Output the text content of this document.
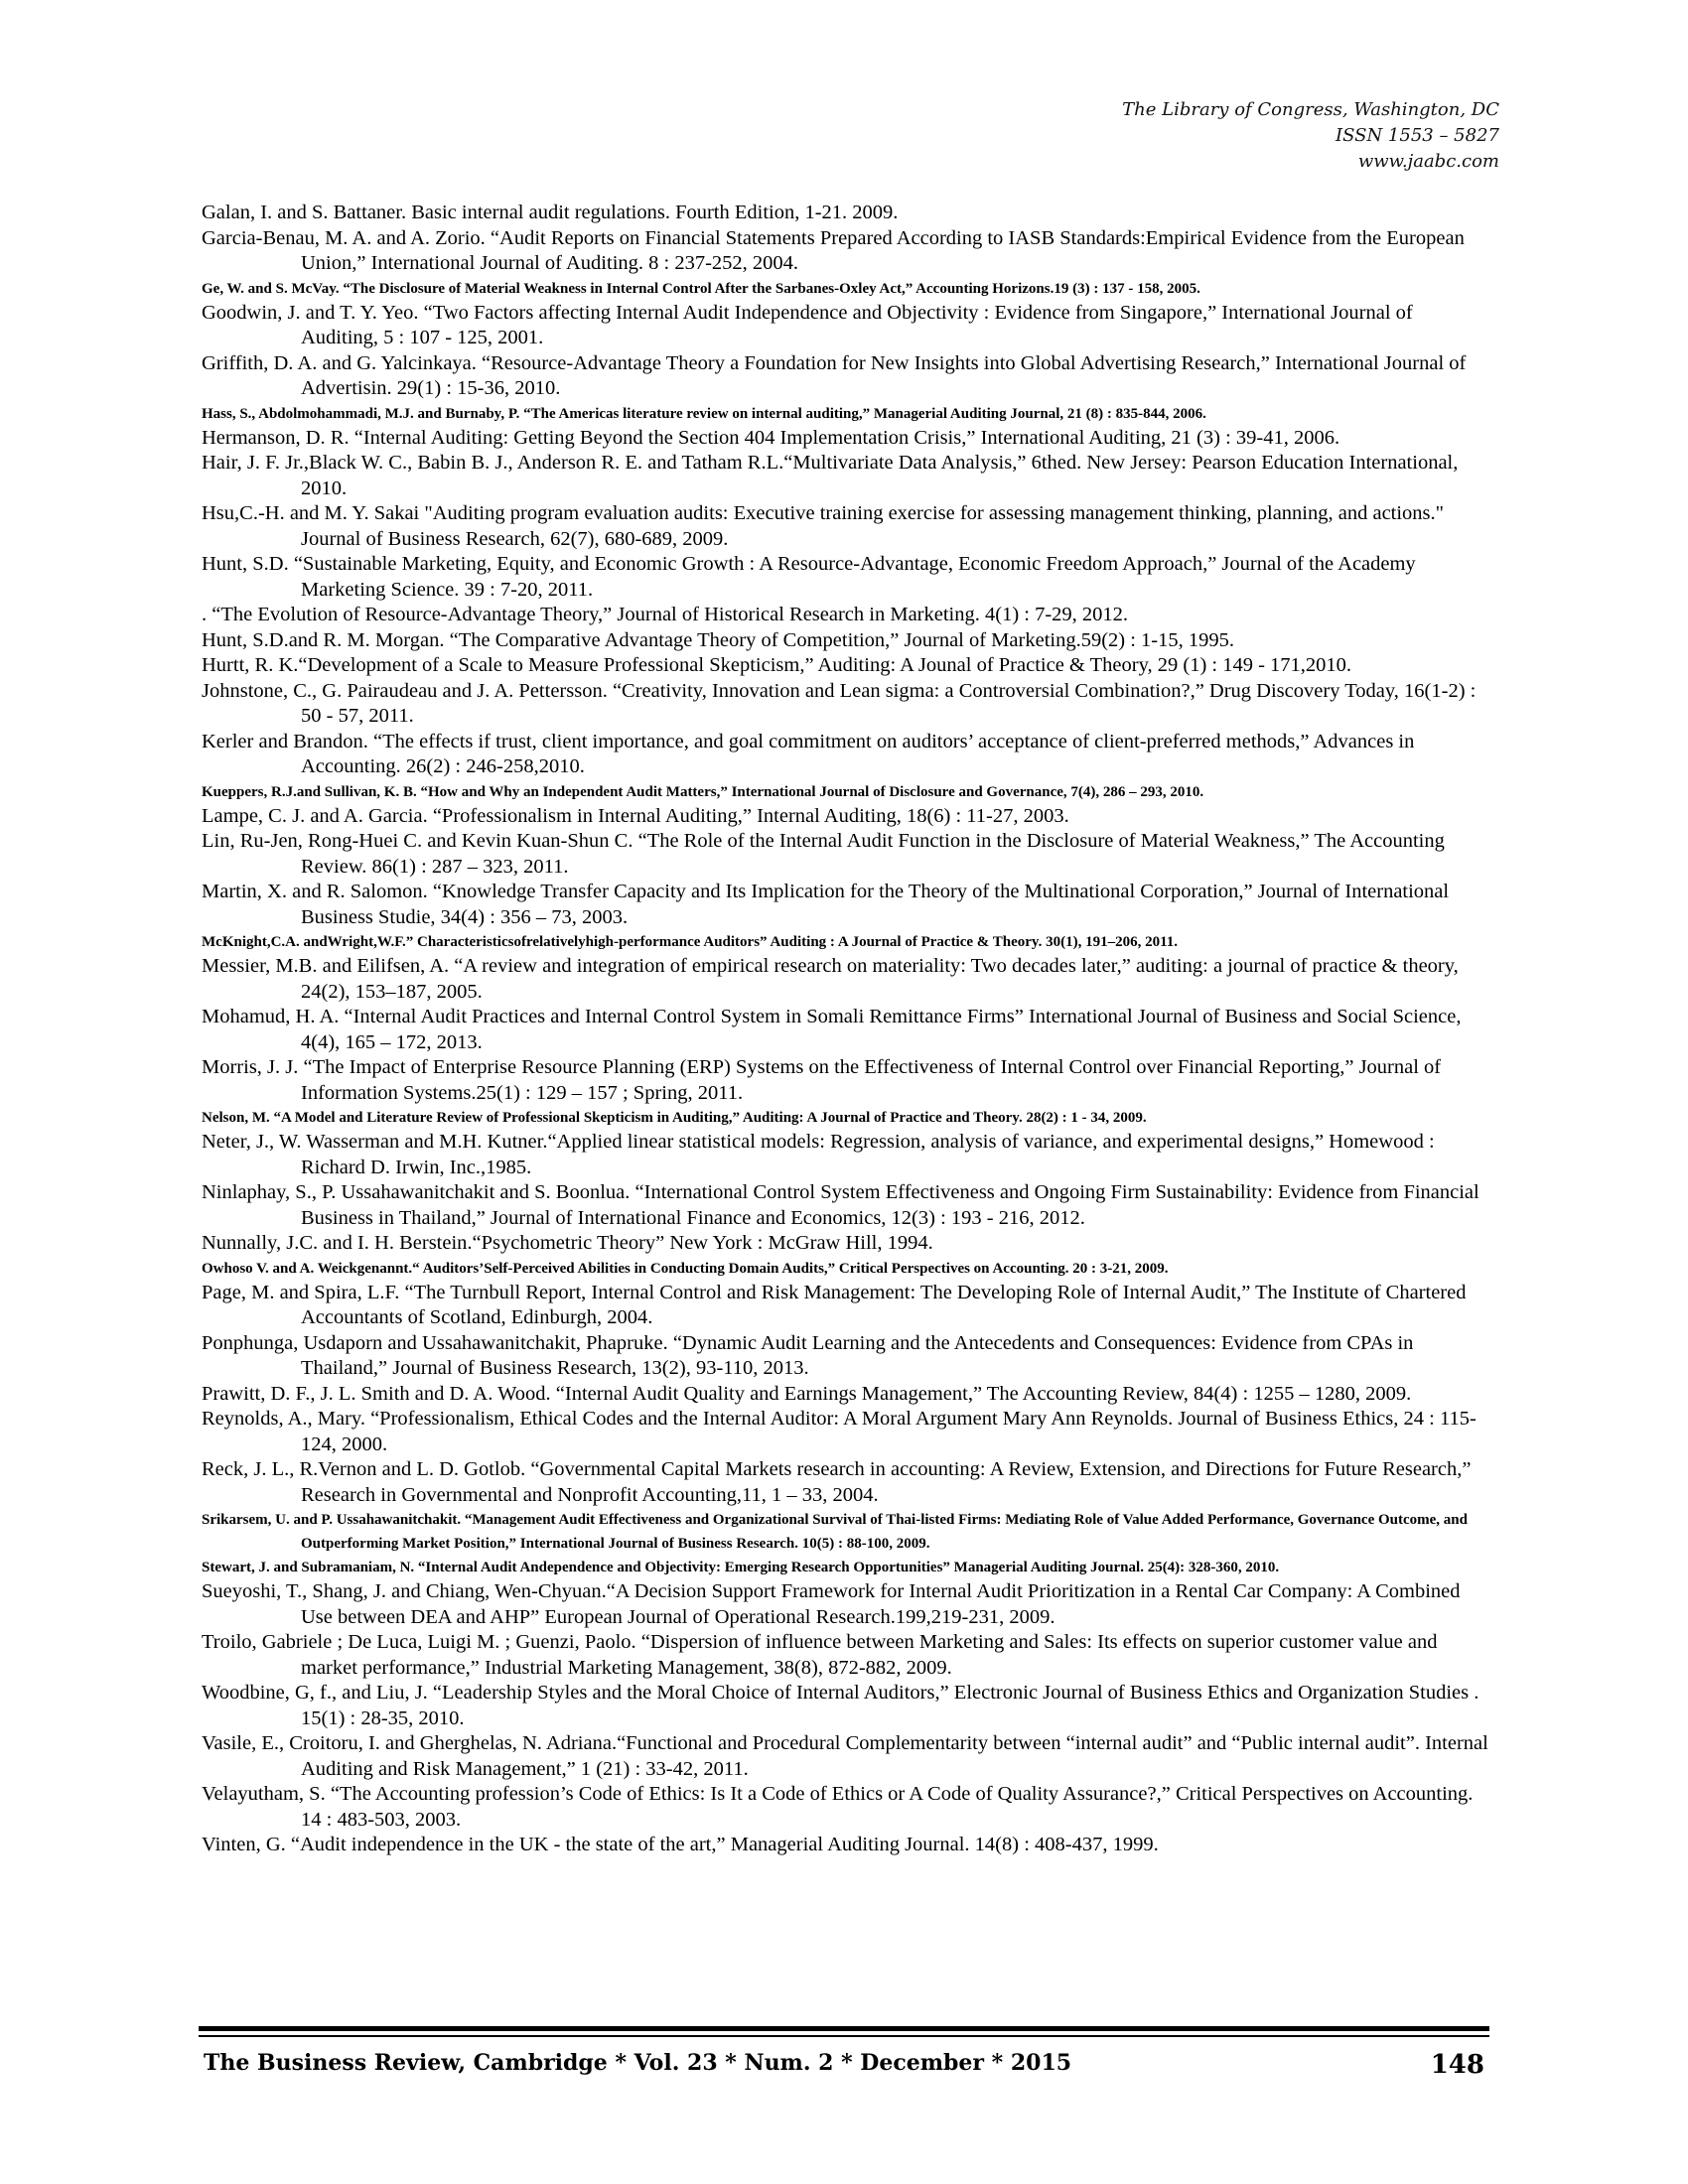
The Library of Congress, Washington, DC
ISSN 1553 – 5827
www.jaabc.com

Galan, I. and S. Battaner. Basic internal audit regulations. Fourth Edition, 1-21. 2009.

Garcia-Benau, M. A. and A. Zorio. “Audit Reports on Financial Statements Prepared According to IASB Standards:Empirical Evidence from the European Union,” International Journal of Auditing. 8 : 237-252, 2004.

Ge, W. and S. McVay. “The Disclosure of Material Weakness in Internal Control After the Sarbanes-Oxley Act,” Accounting Horizons.19 (3) : 137 - 158, 2005.

Goodwin, J. and T. Y. Yeo. “Two Factors affecting Internal Audit Independence and Objectivity : Evidence from Singapore,” International Journal of Auditing, 5 : 107 - 125, 2001.

Griffith, D. A. and G. Yalcinkaya. “Resource-Advantage Theory a Foundation for New Insights into Global Advertising Research,” International Journal of Advertisin. 29(1) : 15-36, 2010.

Hass, S., Abdolmohammadi, M.J. and Burnaby, P. “The Americas literature review on internal auditing,” Managerial Auditing Journal, 21 (8) : 835-844, 2006.

Hermanson, D. R. “Internal Auditing: Getting Beyond the Section 404 Implementation Crisis,” International Auditing, 21 (3) : 39-41, 2006.

Hair, J. F. Jr.,Black W. C., Babin B. J., Anderson R. E. and Tatham R.L.“Multivariate Data Analysis,” 6thed. New Jersey: Pearson Education International, 2010.

Hsu,C.-H. and M. Y. Sakai "Auditing program evaluation audits: Executive training exercise for assessing management thinking, planning, and actions." Journal of Business Research, 62(7), 680-689, 2009.

Hunt, S.D. “Sustainable Marketing, Equity, and Economic Growth : A Resource-Advantage, Economic Freedom Approach,” Journal of the Academy Marketing Science. 39 : 7-20, 2011.

. “The Evolution of Resource-Advantage Theory,” Journal of Historical Research in Marketing. 4(1) : 7-29, 2012.

Hunt, S.D.and R. M. Morgan. “The Comparative Advantage Theory of Competition,” Journal of Marketing.59(2) : 1-15, 1995.

Hurtt, R. K.“Development of a Scale to Measure Professional Skepticism,” Auditing: A Jounal of Practice & Theory, 29 (1) : 149 - 171,2010.

Johnstone, C., G. Pairaudeau and J. A. Pettersson. “Creativity, Innovation and Lean sigma: a Controversial Combination?,” Drug Discovery Today, 16(1-2) : 50 - 57, 2011.

Kerler and Brandon. “The effects if trust, client importance, and goal commitment on auditors’ acceptance of client-preferred methods,” Advances in Accounting. 26(2) : 246-258,2010.

Kueppers, R.J.and Sullivan, K. B. “How and Why an Independent Audit Matters,” International Journal of Disclosure and Governance, 7(4), 286 – 293, 2010.

Lampe, C. J. and A. Garcia. “Professionalism in Internal Auditing,” Internal Auditing, 18(6) : 11-27, 2003.

Lin, Ru-Jen, Rong-Huei C. and Kevin Kuan-Shun C. “The Role of the Internal Audit Function in the Disclosure of Material Weakness,” The Accounting Review. 86(1) : 287 – 323, 2011.

Martin, X. and R. Salomon. “Knowledge Transfer Capacity and Its Implication for the Theory of the Multinational Corporation,” Journal of International Business Studie, 34(4) : 356 – 73, 2003.

McKnight,C.A. andWright,W.F.” Characteristicsofrelativelyhigh-performance Auditors” Auditing : A Journal of Practice & Theory. 30(1), 191–206, 2011.

Messier, M.B. and Eilifsen, A. “A review and integration of empirical research on materiality: Two decades later,” auditing: a journal of practice & theory, 24(2), 153–187, 2005.

Mohamud, H. A. “Internal Audit Practices and Internal Control System in Somali Remittance Firms” International Journal of Business and Social Science, 4(4), 165 – 172, 2013.

Morris, J. J. “The Impact of Enterprise Resource Planning (ERP) Systems on the Effectiveness of Internal Control over Financial Reporting,” Journal of Information Systems.25(1) : 129 – 157 ; Spring, 2011.

Nelson, M. “A Model and Literature Review of Professional Skepticism in Auditing,” Auditing: A Journal of Practice and Theory. 28(2) : 1 - 34, 2009.

Neter, J., W. Wasserman and M.H. Kutner.“Applied linear statistical models: Regression, analysis of variance, and experimental designs,” Homewood : Richard D. Irwin, Inc.,1985.

Ninlaphay, S., P. Ussahawanitchakit and S. Boonlua. “International Control System Effectiveness and Ongoing Firm Sustainability: Evidence from Financial Business in Thailand,” Journal of International Finance and Economics, 12(3) : 193 - 216, 2012.

Nunnally, J.C. and I. H. Berstein.“Psychometric Theory” New York : McGraw Hill, 1994.

Owhoso V. and A. Weickgenannt.“ Auditors’Self-Perceived Abilities in Conducting Domain Audits,” Critical Perspectives on Accounting. 20 : 3-21, 2009.

Page, M. and Spira, L.F. “The Turnbull Report, Internal Control and Risk Management: The Developing Role of Internal Audit,” The Institute of Chartered Accountants of Scotland, Edinburgh, 2004.

Ponphunga, Usdaporn and Ussahawanitchakit, Phapruke. “Dynamic Audit Learning and the Antecedents and Consequences: Evidence from CPAs in Thailand,” Journal of Business Research, 13(2), 93-110, 2013.

Prawitt, D. F., J. L. Smith and D. A. Wood. “Internal Audit Quality and Earnings Management,” The Accounting Review, 84(4) : 1255 – 1280, 2009.

Reynolds, A., Mary. “Professionalism, Ethical Codes and the Internal Auditor: A Moral Argument Mary Ann Reynolds. Journal of Business Ethics, 24 : 115-124, 2000.

Reck, J. L., R.Vernon and L. D. Gotlob. “Governmental Capital Markets research in accounting: A Review, Extension, and Directions for Future Research,” Research in Governmental and Nonprofit Accounting,11, 1 – 33, 2004.

Srikarsem, U. and P. Ussahawanitchakit. “Management Audit Effectiveness and Organizational Survival of Thai-listed Firms: Mediating Role of Value Added Performance, Governance Outcome, and Outperforming Market Position,” International Journal of Business Research. 10(5) : 88-100, 2009.

Stewart, J. and Subramaniam, N. “Internal Audit Andependence and Objectivity: Emerging Research Opportunities” Managerial Auditing Journal. 25(4): 328-360, 2010.

Sueyoshi, T., Shang, J. and Chiang, Wen-Chyuan.“A Decision Support Framework for Internal Audit Prioritization in a Rental Car Company: A Combined Use between DEA and AHP” European Journal of Operational Research.199,219-231, 2009.

Troilo, Gabriele ; De Luca, Luigi M. ; Guenzi, Paolo. “Dispersion of influence between Marketing and Sales: Its effects on superior customer value and market performance,” Industrial Marketing Management, 38(8), 872-882, 2009.

Woodbine, G, f., and Liu, J. “Leadership Styles and the Moral Choice of Internal Auditors,” Electronic Journal of Business Ethics and Organization Studies . 15(1) : 28-35, 2010.

Vasile, E., Croitoru, I. and Gherghelas, N. Adriana.“Functional and Procedural Complementarity between “internal audit” and “Public internal audit”. Internal Auditing and Risk Management,” 1 (21) : 33-42, 2011.

Velayutham, S. “The Accounting profession’s Code of Ethics: Is It a Code of Ethics or A Code of Quality Assurance?,” Critical Perspectives on Accounting. 14 : 483-503, 2003.

Vinten, G. “Audit independence in the UK - the state of the art,” Managerial Auditing Journal. 14(8) : 408-437, 1999.

The Business Review, Cambridge * Vol. 23 * Num. 2 * December * 2015	148
